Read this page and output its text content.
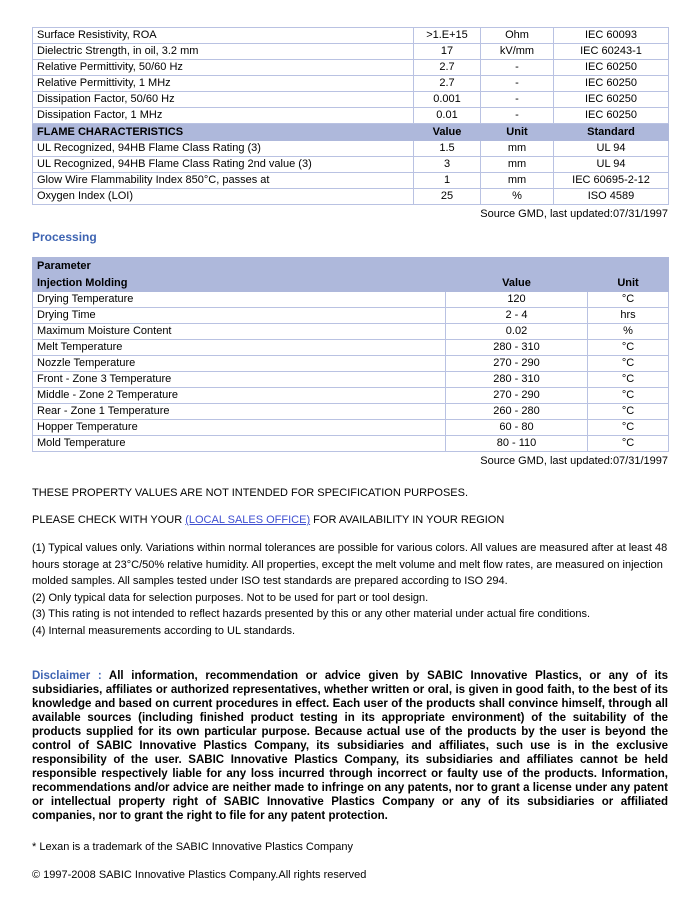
Surface Resistivity, ROA	>1.E+15	Ohm	IEC 60093
Dielectric Strength, in oil, 3.2 mm	17	kV/mm	IEC 60243-1
Relative Permittivity, 50/60 Hz	2.7	-	IEC 60250
Relative Permittivity, 1 MHz	2.7	-	IEC 60250
Dissipation Factor, 50/60 Hz	0.001	-	IEC 60250
Dissipation Factor, 1 MHz	0.01	-	IEC 60250
FLAME CHARACTERISTICS	Value	Unit	Standard
UL Recognized, 94HB Flame Class Rating (3)	1.5	mm	UL 94
UL Recognized, 94HB Flame Class Rating 2nd value (3)	3	mm	UL 94
Glow Wire Flammability Index 850°C, passes at	1	mm	IEC 60695-2-12
Oxygen Index (LOI)	25	%	ISO 4589
Source GMD, last updated:07/31/1997
Processing
Parameter		
Injection Molding	Value	Unit
Drying Temperature	120	°C
Drying Time	2 - 4	hrs
Maximum Moisture Content	0.02	%
Melt Temperature	280 - 310	°C
Nozzle Temperature	270 - 290	°C
Front - Zone 3 Temperature	280 - 310	°C
Middle - Zone 2 Temperature	270 - 290	°C
Rear - Zone 1 Temperature	260 - 280	°C
Hopper Temperature	60 - 80	°C
Mold Temperature	80 - 110	°C
Source GMD, last updated:07/31/1997
THESE PROPERTY VALUES ARE NOT INTENDED FOR SPECIFICATION PURPOSES.
PLEASE CHECK WITH YOUR (LOCAL SALES OFFICE) FOR AVAILABILITY IN YOUR REGION
(1) Typical values only. Variations within normal tolerances are possible for various colors. All values are measured after at least 48 hours storage at 23°C/50% relative humidity. All properties, except the melt volume and melt flow rates, are measured on injection molded samples. All samples tested under ISO test standards are prepared according to ISO 294.
(2) Only typical data for selection purposes. Not to be used for part or tool design.
(3) This rating is not intended to reflect hazards presented by this or any other material under actual fire conditions.
(4) Internal measurements according to UL standards.
Disclaimer : All information, recommendation or advice given by SABIC Innovative Plastics, or any of its subsidiaries, affiliates or authorized representatives, whether written or oral, is given in good faith, to the best of its knowledge and based on current procedures in effect. Each user of the products shall convince himself, through all available sources (including finished product testing in its appropriate environment) of the suitability of the products supplied for its own particular purpose. Because actual use of the products by the user is beyond the control of SABIC Innovative Plastics Company, its subsidiaries and affiliates, such use is in the exclusive responsibility of the user. SABIC Innovative Plastics Company, its subsidiaries and affiliates cannot be held responsible respectively liable for any loss incurred through incorrect or faulty use of the products. Information, recommendations and/or advice are neither made to infringe on any patents, nor to grant a license under any patent or intellectual property right of SABIC Innovative Plastics Company or any of its subsidiaries or affiliated companies, nor to grant the right to file for any patent protection.
* Lexan is a trademark of the SABIC Innovative Plastics Company
© 1997-2008 SABIC Innovative Plastics Company.All rights reserved
